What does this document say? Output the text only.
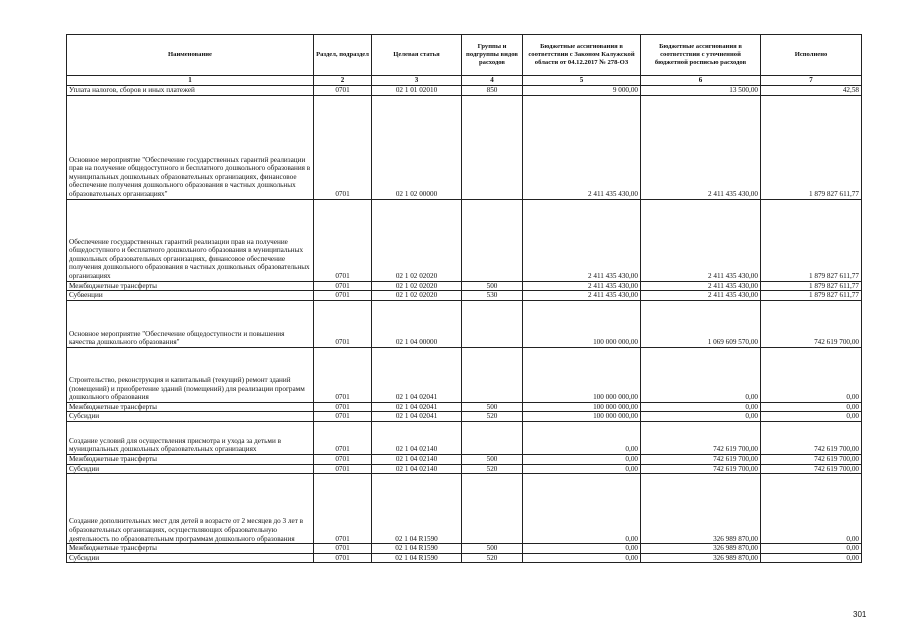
Наименование	Раздел, подраздел	Целевая статья	Группы и подгруппы видов расходов	Бюджетные ассигнования в соответствии с Законом Калужской области от 04.12.2017 № 278-ОЗ	Бюджетные ассигнования в соответствии с уточненной бюджетной росписью расходов	Исполнено
1	2	3	4	5	6	7
Уплата налогов, сборов и иных платежей	0701	02 1 01 02010	850	9 000,00	13 500,00	42,58
Основное мероприятие "Обеспечение государственных гарантий реализации прав на получение общедоступного и бесплатного дошкольного образования в муниципальных дошкольных образовательных организациях, финансовое обеспечение получения дошкольного образования в частных дошкольных образовательных организациях"	0701	02 1 02 00000		2 411 435 430,00	2 411 435 430,00	1 879 827 611,77
Обеспечение государственных гарантий реализации прав на получение общедоступного и бесплатного дошкольного образования в муниципальных дошкольных образовательных организациях, финансовое обеспечение получения дошкольного образования в частных дошкольных образовательных организациях	0701	02 1 02 02020		2 411 435 430,00	2 411 435 430,00	1 879 827 611,77
Межбюджетные трансферты	0701	02 1 02 02020	500	2 411 435 430,00	2 411 435 430,00	1 879 827 611,77
Субвенции	0701	02 1 02 02020	530	2 411 435 430,00	2 411 435 430,00	1 879 827 611,77
Основное мероприятие "Обеспечение общедоступности и повышения качества дошкольного образования"	0701	02 1 04 00000		100 000 000,00	1 069 609 570,00	742 619 700,00
Строительство, реконструкция и капитальный (текущий) ремонт зданий (помещений) и приобретение зданий (помещений) для реализации программ дошкольного образования	0701	02 1 04 02041		100 000 000,00	0,00	0,00
Межбюджетные трансферты	0701	02 1 04 02041	500	100 000 000,00	0,00	0,00
Субсидии	0701	02 1 04 02041	520	100 000 000,00	0,00	0,00
Создание условий для осуществления присмотра и ухода за детьми в муниципальных дошкольных образовательных организациях	0701	02 1 04 02140		0,00	742 619 700,00	742 619 700,00
Межбюджетные трансферты	0701	02 1 04 02140	500	0,00	742 619 700,00	742 619 700,00
Субсидии	0701	02 1 04 02140	520	0,00	742 619 700,00	742 619 700,00
Создание дополнительных мест для детей в возрасте от 2 месяцев до 3 лет в образовательных организациях, осуществляющих образовательную деятельность по образовательным программам дошкольного образования	0701	02 1 04 R1590		0,00	326 989 870,00	0,00
Межбюджетные трансферты	0701	02 1 04 R1590	500	0,00	326 989 870,00	0,00
Субсидии	0701	02 1 04 R1590	520	0,00	326 989 870,00	0,00
301
